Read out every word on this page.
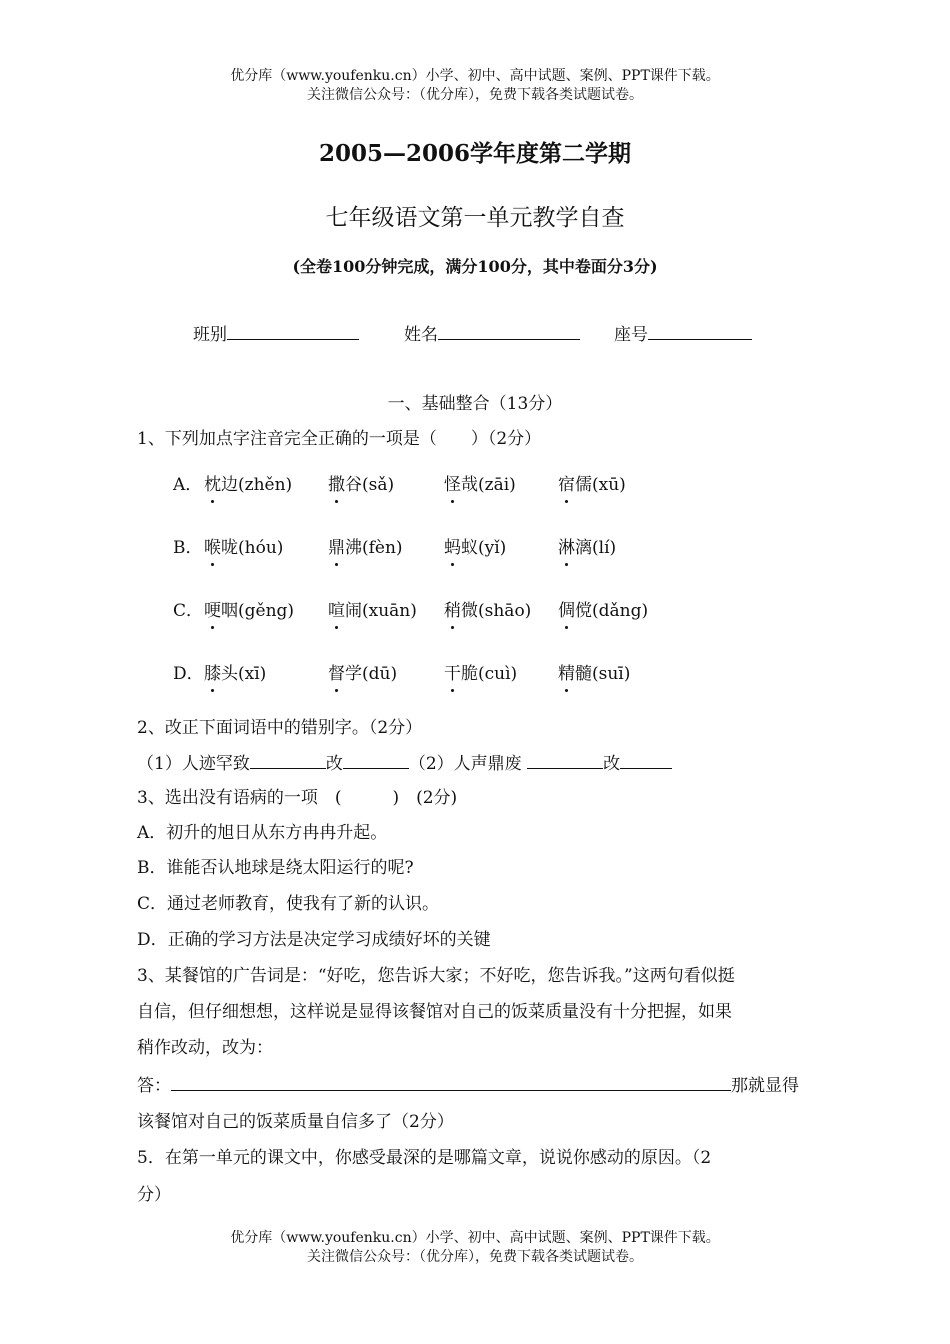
优分库（www.youfenku.cn）小学、初中、高中试题、案例、PPT课件下载。
关注微信公众号：（优分库），免费下载各类试题试卷。
2005—2006学年度第二学期
七年级语文第一单元教学自查
(全卷100分钟完成，满分100分，其中卷面分3分)
班别	姓名	座号
一、基础整合（13分）
1、下列加点字注音完全正确的一项是（　　）（2分）
A． 枕边(zhěn) 撒谷(sǎ)	怪哉(zāi) 宿儒(xū)
B． 喉咙(hóu)	鼎沸(fèn) 蚂蚁(yǐ)	淋漓(lí)
C． 哽咽(gěng) 喧闹(xuān) 稍微(shāo) 倜傥(dǎng)
D． 膝头(xī)	督学(dū)	干脆(cuì) 精髓(suī)
2、改正下面词语中的错别字。（2分）
（1）人迹罕致	改	（2）人声鼎废	改
3、选出没有语病的一项　(　　　)　(2分)
A．初升的旭日从东方冉冉升起。
B．谁能否认地球是绕太阳运行的呢?
C．通过老师教育，使我有了新的认识。
D．正确的学习方法是决定学习成绩好坏的关键
3、某餐馆的广告词是：“好吃，您告诉大家；不好吃，您告诉我。”这两句看似挺
自信，但仔细想想，这样说是显得该餐馆对自己的饭菜质量没有十分把握，如果
稍作改动，改为：
答：	那就显得
该餐馆对自己的饭菜质量自信多了（2分）
5．在第一单元的课文中，你感受最深的是哪篇文章，说说你感动的原因。（2
分）
优分库（www.youfenku.cn）小学、初中、高中试题、案例、PPT课件下载。
关注微信公众号：（优分库），免费下载各类试题试卷。
